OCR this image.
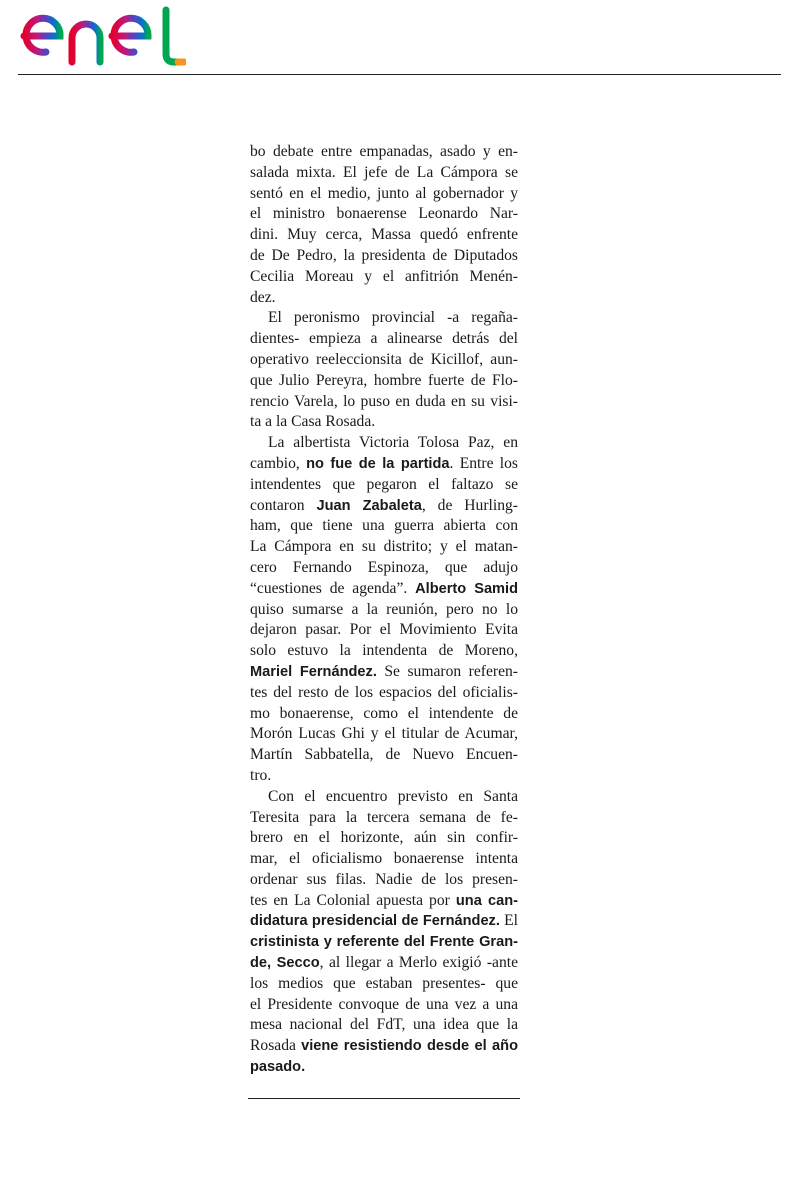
bo debate entre empanadas, asado y en-
salada mixta. El jefe de La Cámpora se
sentó en el medio, junto al gobernador y
el ministro bonaerense Leonardo Nar-
dini. Muy cerca, Massa quedó enfrente
de De Pedro, la presidenta de Diputados
Cecilia Moreau y el anfitrión Menén-
dez.
El peronismo provincial -a regaña-
dientes- empieza a alinearse detrás del
operativo reeleccionsita de Kicillof, aun-
que Julio Pereyra, hombre fuerte de Flo-
rencio Varela, lo puso en duda en su visi-
ta a la Casa Rosada.
La albertista Victoria Tolosa Paz, en
cambio, no fue de la partida. Entre los
intendentes que pegaron el faltazo se
contaron Juan Zabaleta, de Hurling-
ham, que tiene una guerra abierta con
La Cámpora en su distrito; y el matan-
cero Fernando Espinoza, que adujo
“cuestiones de agenda”. Alberto Samid
quiso sumarse a la reunión, pero no lo
dejaron pasar. Por el Movimiento Evita
solo estuvo la intendenta de Moreno,
Mariel Fernández. Se sumaron referen-
tes del resto de los espacios del oficialis-
mo bonaerense, como el intendente de
Morón Lucas Ghi y el titular de Acumar,
Martín Sabbatella, de Nuevo Encuen-
tro.
Con el encuentro previsto en Santa
Teresita para la tercera semana de fe-
brero en el horizonte, aún sin confir-
mar, el oficialismo bonaerense intenta
ordenar sus filas. Nadie de los presen-
tes en La Colonial apuesta por una can-
didatura presidencial de Fernández. El
cristinista y referente del Frente Gran-
de, Secco, al llegar a Merlo exigió -ante
los medios que estaban presentes- que
el Presidente convoque de una vez a una
mesa nacional del FdT, una idea que la
Rosada viene resistiendo desde el año
pasado.
